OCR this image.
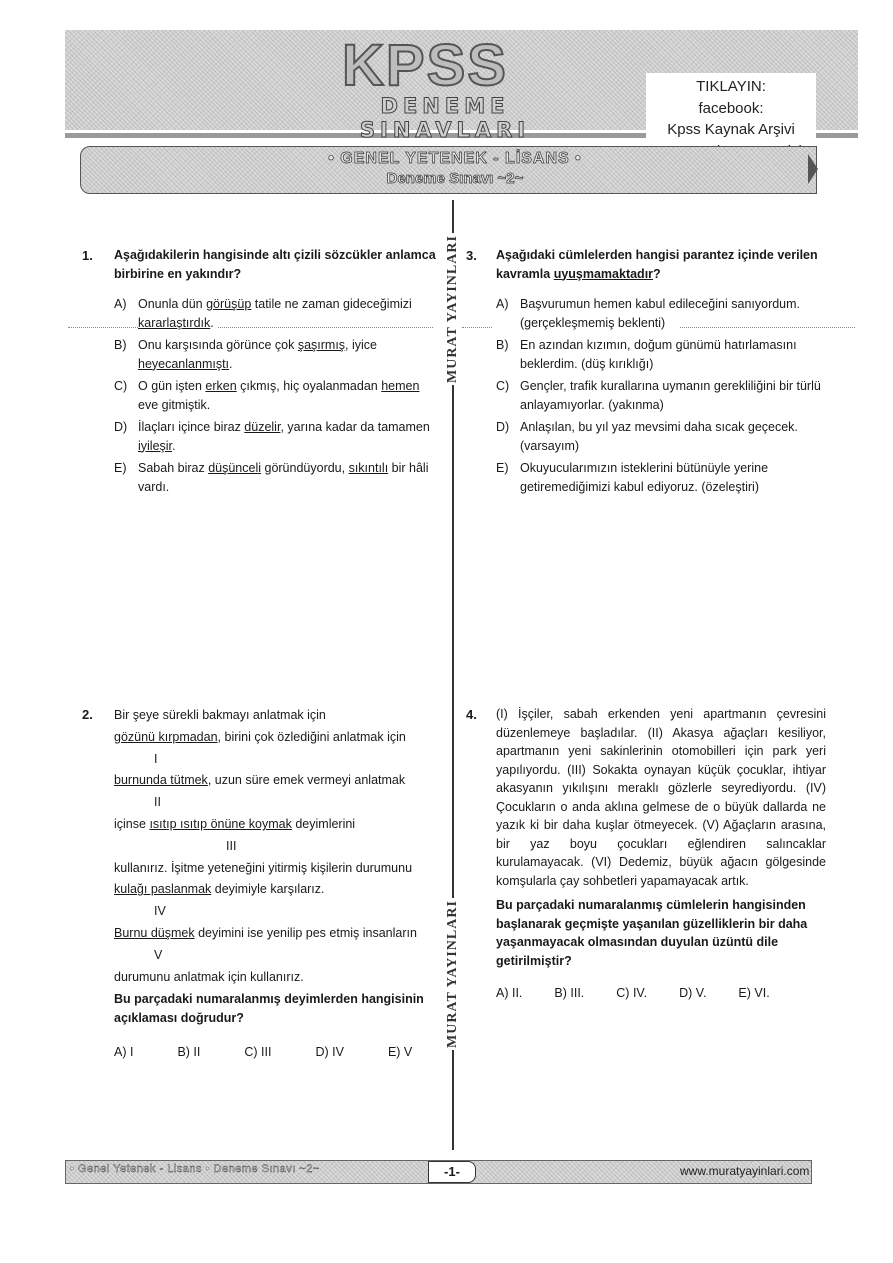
KPSS
DENEME SINAVLARI
TIKLAYIN:
facebook:
Kpss Kaynak Arşivi
• GENEL YETENEK - LİSANS •
Deneme Sınavı ~2~
MURAT YAYINLARI
MURAT YAYINLARI
1. Aşağıdakilerin hangisinde altı çizili sözcükler anlamca birbirine en yakındır?
A) Onunla dün görüşüp tatile ne zaman gideceğimizi kararlaştırdık.
B) Onu karşısında görünce çok şaşırmış, iyice heyecanlanmıştı.
C) O gün işten erken çıkmış, hiç oyalanmadan hemen eve gitmiştik.
D) İlaçları içince biraz düzelir, yarına kadar da tamamen iyileşir.
E) Sabah biraz düşünceli göründüyordu, sıkıntılı bir hâli vardı.
3. Aşağıdaki cümlelerden hangisi parantez içinde verilen kavramla uyuşmamaktadır?
A) Başvurumun hemen kabul edileceğini sanıyordum. (gerçekleşmemiş beklenti)
B) En azından kızımın, doğum günümü hatırlamasını beklerdim. (düş kırıklığı)
C) Gençler, trafik kurallarına uymanın gerekliliğini bir türlü anlayamıyorlar. (yakınma)
D) Anlaşılan, bu yıl yaz mevsimi daha sıcak geçecek. (varsayım)
E) Okuyucularımızın isteklerini bütünüyle yerine getiremediğimizi kabul ediyoruz. (özeleştiri)
2. Bir şeye sürekli bakmayı anlatmak için

gözünü kırpmadan, birini çok özlediğini anlatmak için

I

burnunda tütmek, uzun süre emek vermeyi anlatmak

II

içinse ısıtıp ısıtıp önüne koymak deyimlerini

III

kullanırız. İşitme yeteneğini yitirmiş kişilerin durumunu

kulağı paslanmak deyimiyle karşılarız.

IV

Burnu düşmek deyimini ise yenilip pes etmiş insanların

V

durumunu anlatmak için kullanırız.

Bu parçadaki numaralanmış deyimlerden hangisinin açıklaması doğrudur?

A) I	B) II	C) III	D) IV	E) V
4. (I) İşçiler, sabah erkenden yeni apartmanın çevresini düzenlemeye başladılar. (II) Akasya ağaçları kesiliyor, apartmanın yeni sakinlerinin otomobilleri için park yeri yapılıyordu. (III) Sokakta oynayan küçük çocuklar, ihtiyar akasyanın yıkılışını meraklı gözlerle seyrediyordu. (IV) Çocukların o anda aklına gelmese de o büyük dallarda ne yazık ki bir daha kuşlar ötmeyecek. (V) Ağaçların arasına, bir yaz boyu çocukları eğlendiren salıncaklar kurulamayacak. (VI) Dedemiz, büyük ağacın gölgesinde komşularla çay sohbetleri yapamayacak artık.
Bu parçadaki numaralanmış cümlelerin hangisinden başlanarak geçmişte yaşanılan güzelliklerin bir daha yaşanmayacak olmasından duyulan üzüntü dile getirilmiştir?
A) II.	B) III.	C) IV.	D) V.	E) VI.
• Genel Yetenek - Lisans • Deneme Sınavı ~2~	-1-	www.muratyayinlari.com
